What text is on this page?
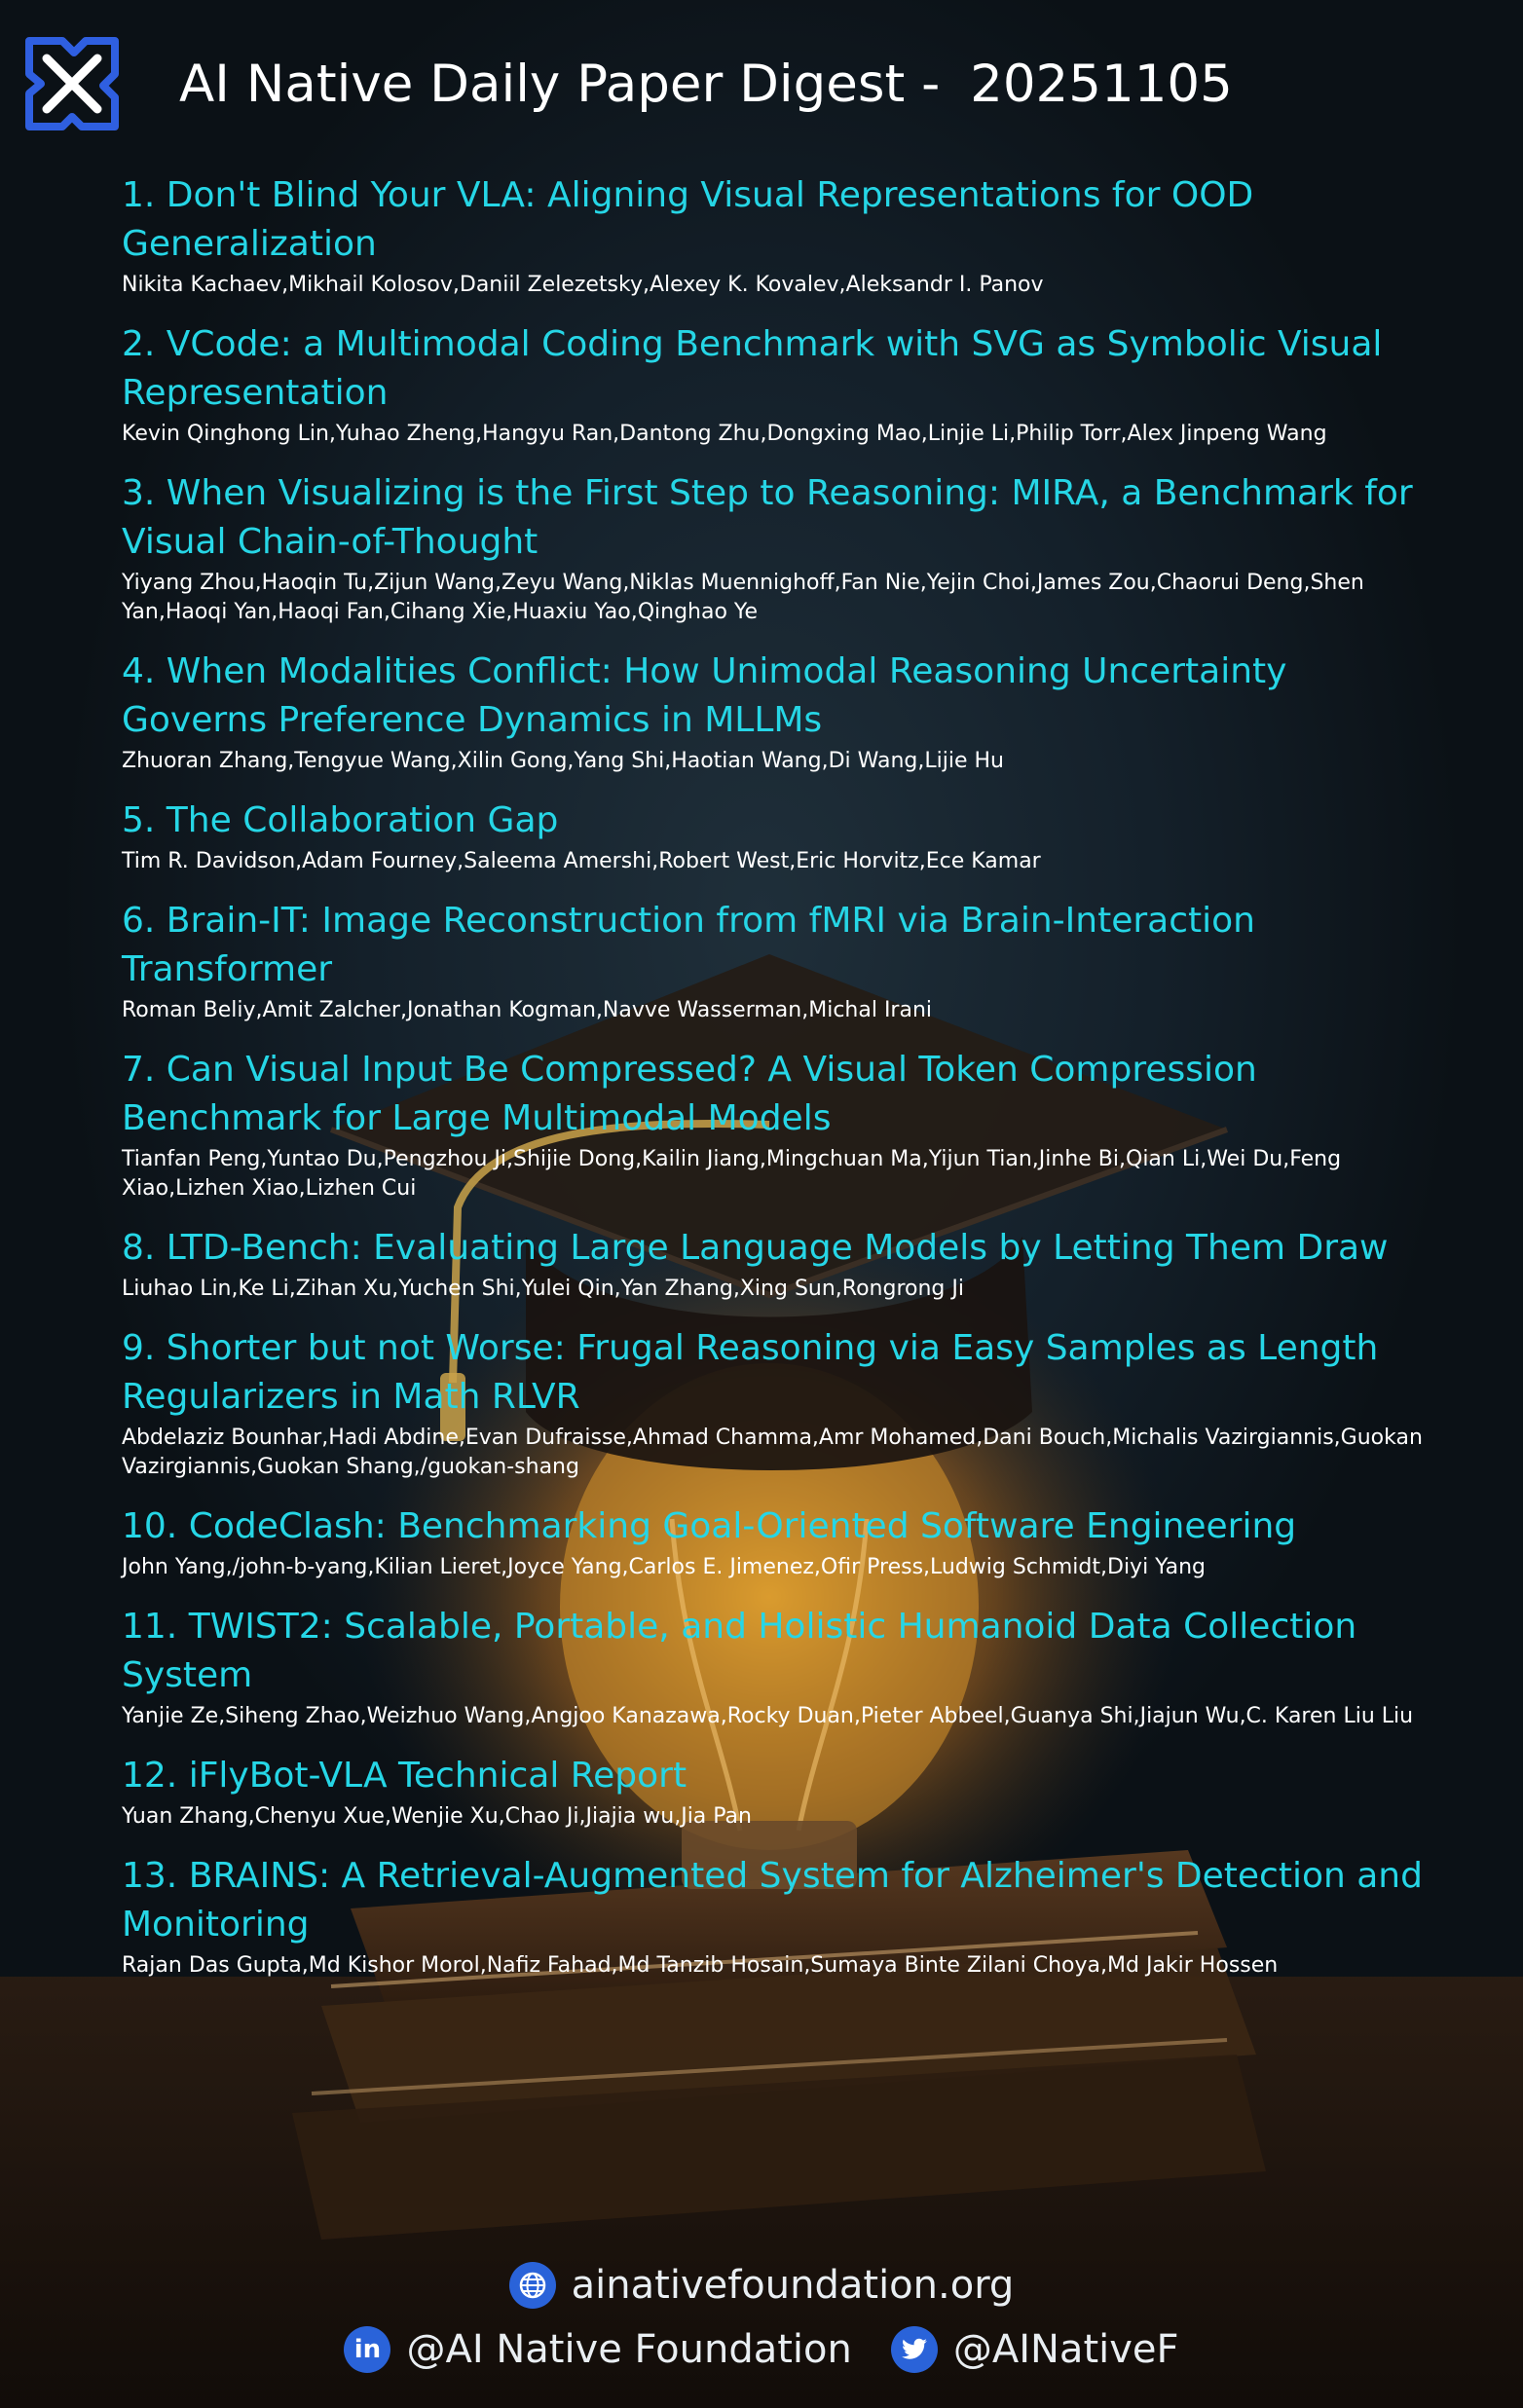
AI Native Daily Paper Digest - 20251105
1. Don't Blind Your VLA: Aligning Visual Representations for OOD Generalization
Nikita Kachaev,Mikhail Kolosov,Daniil Zelezetsky,Alexey K. Kovalev,Aleksandr I. Panov
2. VCode: a Multimodal Coding Benchmark with SVG as Symbolic Visual Representation
Kevin Qinghong Lin,Yuhao Zheng,Hangyu Ran,Dantong Zhu,Dongxing Mao,Linjie Li,Philip Torr,Alex Jinpeng Wang
3. When Visualizing is the First Step to Reasoning: MIRA, a Benchmark for Visual Chain-of-Thought
Yiyang Zhou,Haoqin Tu,Zijun Wang,Zeyu Wang,Niklas Muennighoff,Fan Nie,Yejin Choi,James Zou,Chaorui Deng,Shen Yan,Haoqi Yan,Haoqi Fan,Cihang Xie,Huaxiu Yao,Qinghao Ye
4. When Modalities Conflict: How Unimodal Reasoning Uncertainty Governs Preference Dynamics in MLLMs
Zhuoran Zhang,Tengyue Wang,Xilin Gong,Yang Shi,Haotian Wang,Di Wang,Lijie Hu
5. The Collaboration Gap
Tim R. Davidson,Adam Fourney,Saleema Amershi,Robert West,Eric Horvitz,Ece Kamar
6. Brain-IT: Image Reconstruction from fMRI via Brain-Interaction Transformer
Roman Beliy,Amit Zalcher,Jonathan Kogman,Navve Wasserman,Michal Irani
7. Can Visual Input Be Compressed? A Visual Token Compression Benchmark for Large Multimodal Models
Tianfan Peng,Yuntao Du,Pengzhou Ji,Shijie Dong,Kailin Jiang,Mingchuan Ma,Yijun Tian,Jinhe Bi,Qian Li,Wei Du,Feng Xiao,Lizhen Xiao,Lizhen Cui
8. LTD-Bench: Evaluating Large Language Models by Letting Them Draw
Liuhao Lin,Ke Li,Zihan Xu,Yuchen Shi,Yulei Qin,Yan Zhang,Xing Sun,Rongrong Ji
9. Shorter but not Worse: Frugal Reasoning via Easy Samples as Length Regularizers in Math RLVR
Abdelaziz Bounhar,Hadi Abdine,Evan Dufraisse,Ahmad Chamma,Amr Mohamed,Dani Bouch,Michalis Vazirgiannis,Guokan Vazirgiannis,Guokan Shang,/guokan-shang
10. CodeClash: Benchmarking Goal-Oriented Software Engineering
John Yang,/john-b-yang,Kilian Lieret,Joyce Yang,Carlos E. Jimenez,Ofir Press,Ludwig Schmidt,Diyi Yang
11. TWIST2: Scalable, Portable, and Holistic Humanoid Data Collection System
Yanjie Ze,Siheng Zhao,Weizhuo Wang,Angjoo Kanazawa,Rocky Duan,Pieter Abbeel,Guanya Shi,Jiajun Wu,C. Karen Liu Liu
12. iFlyBot-VLA Technical Report
Yuan Zhang,Chenyu Xue,Wenjie Xu,Chao Ji,Jiajia wu,Jia Pan
13. BRAINS: A Retrieval-Augmented System for Alzheimer's Detection and Monitoring
Rajan Das Gupta,Md Kishor Morol,Nafiz Fahad,Md Tanzib Hosain,Sumaya Binte Zilani Choya,Md Jakir Hossen
ainativefoundation.org
in @AI Native Foundation	@AINativeF
